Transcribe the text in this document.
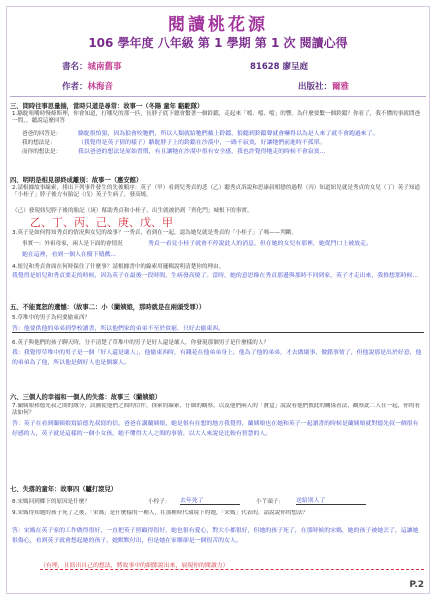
閱讀桃花源
106 學年度 八年級 第 1 學期 第 1 次 閱讀心得
書名：城南舊事	81628 廖呈庭
作者：林海音	出版社：爾雅
三、問時往事思量揣，當時只道是尋常：故事一（冬陽 童年 駱駝隊）
1.駱駝咀嚼時慢條斯理，你會知道，打哪兒的那一匹，長脖子底下總會繫著一個鈴鐺，走起來「噹、噹、噹」的響。為什麼要繫一個鈴鐺？你看了，我不懂的事就問爸一問，，聽說這麼回答
爸爸的回答是：	駱駝很怕狼，因為狼會咬牠們，所以人類就給牠們戴上鈴鐺，狼聽到鈴鐺聲就會嚇得以為是人來了就不會跑過來了。
我的想法是：	（我覺得是英子猜的樣子）駱駝脖子上的鈴鐺在沙漠中，一路不寂寞，好讓牠們前進時不孤單。
而你的想法是：	我以爸爸的想法是原始習慣，有且讓牠在沙漠中很有安全感，我也許覺得牠走的時候不會寂寞...
四、明明是相見卻終成離別：故事一（惠安館）
2.請根據故事線索，排出下列事件發生的先後順序：英子（甲）看到兒秀貞的悲（乙）聽秀貞訴說和思康叔相戀的過程（丙）知道妞兒就是秀貞的女兒（丁）英子知道「小桂子」脖子後方有胎記（戊）英子生病了，發高燒。
（己）發現妞兒脖子後的胎記（庚）幫助秀貞和小桂子，出生就被扔到「齊化門」城根下的事實。
乙、丁、丙、己、庚、戊、甲
3.英子是如何得知秀貞的情況與女兒的故事？一秀貞，看到在一起，認為她兒就是秀貞的「小桂子」了嗎——判斷。
事實一：外祖母家，兩人是下面的會情況	秀貞一看見小桂子就會不停說此人的消息，但在她的女兒有那裡，她從門口上被放走。
她在這裡，看到一個人在樹下嬉戲...
4.妞兒和秀貞會面在何時保住了什麼事？請根據書中的線索用邏輯說明清楚你的理由。
我覺得是妞兒和秀貞要走的時候，因為英子在最後一段時間，生病發高燒了。當時，她的意思像在秀貞那邊與那時不回到家，英子才走出來，我推想那時候...
五、不能寬恕的遺憾：（故事二：小（蘭姨娘，那時就是在兩頭受罪））
5.草堆中的男子為何要偷東西？
答：他要供他的弟弟到學校讀書，所以他們家的弟弟不至於貧窮，只好去偷東西。
6.英子與他們的孩子聊天時，分不清楚了草堆中的男子是好人還是壞人。你發現那個男子是什麼樣的人？
我：我覺得草堆中的男子是一個「好人還是壞人」，他偷東西時，有錢花在他弟弟身上，他為了他的弟弟，才去做壞事，做錯事情了，但他說那是出於好意，他的弟弟為了他，所以他是個好人也是個壞人。
六、三個人的幸福和一個人的失落：故事三（蘭姨娘）
7.蘭姨娘和德先叔之間的緣分，試圖從他們之間的信件，探索的線索，仔細的觀察，以及他們兩人的「寶盒」說說看他們彼此的關係看法，觀察此二人在一起，你的看法如何？
答：英子在看到蘭姨娘寫給德先叔寫的信，爸爸在講蘭姨娘，她是很有在想的地方我覺得，蘭姨娘也在她和英子一起讀書的時候是蘭姨娘就對德先叔一個很有好感的人，英子就是這樣的一個小女孩，她不懂得大人之間的事情，以大人來說是比較有智慧的人。
七、失落的童年：故事四（驢打滾兒）
8.宋媽回到鄉下的原因是什麼？	小栓子： 去年死了	小丫頭子： 送給別人了
9.宋媽得知她的孩子死了之後，「宋媽」是什麼樣的一種人，在那種時代環境下的她，「宋媽」代表的，請說說你的想法？
答：宋媽在英子家的工作做得很好，一直把英子照顧得很好，她也很有愛心，對大小都很好，但她的孩子死了，在那時候的宋媽，她的孩子被她丟了，這讓她很傷心，看到英子就會想起她的孩子，她默默付出，但是她在家鄉卻是一個很苦的女人。
（有理，且寫出自己的想法，將故事中的細節說出來，展現你的閱讀力）
P.2
